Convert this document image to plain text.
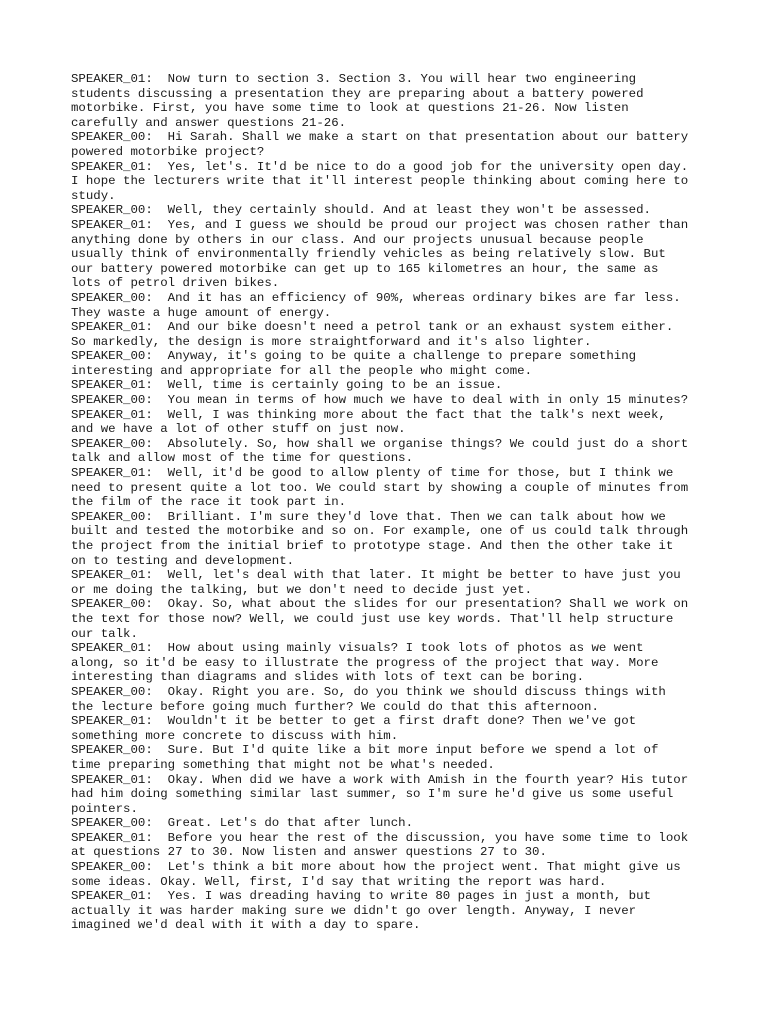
SPEAKER_01:  Now turn to section 3. Section 3. You will hear two engineering
students discussing a presentation they are preparing about a battery powered
motorbike. First, you have some time to look at questions 21-26. Now listen
carefully and answer questions 21-26.
SPEAKER_00:  Hi Sarah. Shall we make a start on that presentation about our battery
powered motorbike project?
SPEAKER_01:  Yes, let's. It'd be nice to do a good job for the university open day.
I hope the lecturers write that it'll interest people thinking about coming here to
study.
SPEAKER_00:  Well, they certainly should. And at least they won't be assessed.
SPEAKER_01:  Yes, and I guess we should be proud our project was chosen rather than
anything done by others in our class. And our projects unusual because people
usually think of environmentally friendly vehicles as being relatively slow. But
our battery powered motorbike can get up to 165 kilometres an hour, the same as
lots of petrol driven bikes.
SPEAKER_00:  And it has an efficiency of 90%, whereas ordinary bikes are far less.
They waste a huge amount of energy.
SPEAKER_01:  And our bike doesn't need a petrol tank or an exhaust system either.
So markedly, the design is more straightforward and it's also lighter.
SPEAKER_00:  Anyway, it's going to be quite a challenge to prepare something
interesting and appropriate for all the people who might come.
SPEAKER_01:  Well, time is certainly going to be an issue.
SPEAKER_00:  You mean in terms of how much we have to deal with in only 15 minutes?
SPEAKER_01:  Well, I was thinking more about the fact that the talk's next week,
and we have a lot of other stuff on just now.
SPEAKER_00:  Absolutely. So, how shall we organise things? We could just do a short
talk and allow most of the time for questions.
SPEAKER_01:  Well, it'd be good to allow plenty of time for those, but I think we
need to present quite a lot too. We could start by showing a couple of minutes from
the film of the race it took part in.
SPEAKER_00:  Brilliant. I'm sure they'd love that. Then we can talk about how we
built and tested the motorbike and so on. For example, one of us could talk through
the project from the initial brief to prototype stage. And then the other take it
on to testing and development.
SPEAKER_01:  Well, let's deal with that later. It might be better to have just you
or me doing the talking, but we don't need to decide just yet.
SPEAKER_00:  Okay. So, what about the slides for our presentation? Shall we work on
the text for those now? Well, we could just use key words. That'll help structure
our talk.
SPEAKER_01:  How about using mainly visuals? I took lots of photos as we went
along, so it'd be easy to illustrate the progress of the project that way. More
interesting than diagrams and slides with lots of text can be boring.
SPEAKER_00:  Okay. Right you are. So, do you think we should discuss things with
the lecture before going much further? We could do that this afternoon.
SPEAKER_01:  Wouldn't it be better to get a first draft done? Then we've got
something more concrete to discuss with him.
SPEAKER_00:  Sure. But I'd quite like a bit more input before we spend a lot of
time preparing something that might not be what's needed.
SPEAKER_01:  Okay. When did we have a work with Amish in the fourth year? His tutor
had him doing something similar last summer, so I'm sure he'd give us some useful
pointers.
SPEAKER_00:  Great. Let's do that after lunch.
SPEAKER_01:  Before you hear the rest of the discussion, you have some time to look
at questions 27 to 30. Now listen and answer questions 27 to 30.
SPEAKER_00:  Let's think a bit more about how the project went. That might give us
some ideas. Okay. Well, first, I'd say that writing the report was hard.
SPEAKER_01:  Yes. I was dreading having to write 80 pages in just a month, but
actually it was harder making sure we didn't go over length. Anyway, I never
imagined we'd deal with it with a day to spare.
